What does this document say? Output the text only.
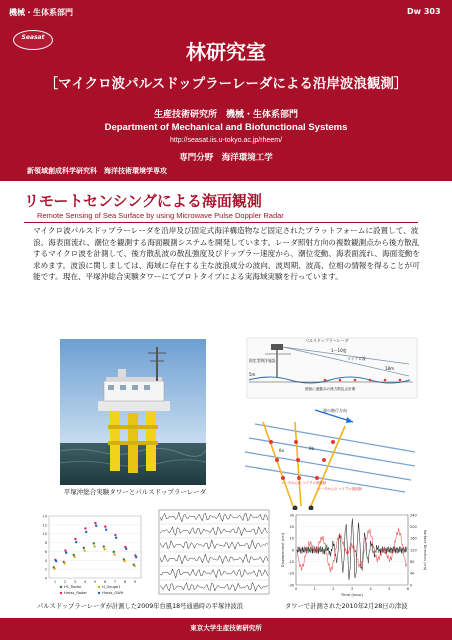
機械・生体系部門	Dw 303
Seasat
林研究室
［マイクロ波パルスドップラーレーダによる沿岸波浪観測］
生産技術研究所　機械・生体系部門
Department of Mechanical and Biofunctional Systems
http://seasat.iis.u-tokyo.ac.jp/rheem/
専門分野　海洋環境工学
新領域創成科学研究科　海洋技術環境学専攻
リモートセンシングによる海面観測
Remote Sensing of Sea Surface by using Microwave Pulse Doppler Radar

マイクロ波パルスドップラーレーダを沿岸及び固定式海洋構造物など固定されたプラットフォームに設置して、波浪、海表面流れ、潮位を観測する海面観測システムを開発しています。レーダ照射方向の複数観測点から後方散乱するマイクロ波を計測して、後方散乱波の散乱強度及びドップラー速度から、潮位変動、海表面流れ、海面変動を求めます。波浪に関しましては、海域に存在する主な波浪成分の波向、波周期、波高、位相の情報を得ることが可能です。現在、平塚沖総合実験タワーにてプロトタイプによる実海域実験を行っています。

平塚沖総合実験タワーとパルスドップラーレーダ
パルスドップラーレーダ
1～10度
固定型海洋施設
5m
マイクロ波
18m
照射に連動点の後方散乱点計測
波の進行方向
θa	θb
レーダからの マイクロ波照射
レーダからの マイクロ波照射
0
2
4
6
8
10
12
14
1 2 3 4 5 6 7 8 9
H1_Radar	H_Gauge1
Hmax_Radar	Hmax_GWH
-30	0
-20	40
-10	80
0	120
10	160
20	200
30	240
0	1	2	3	4	5	6
Time (hour)
Displacement (cm)	Surface Direction (cm)
パルスドップラーレーダが計測した2009年台風18号通過時の平塚沖波浪	タワーで計測された2010年2月28日の津波
東京大学生産技術研究所
